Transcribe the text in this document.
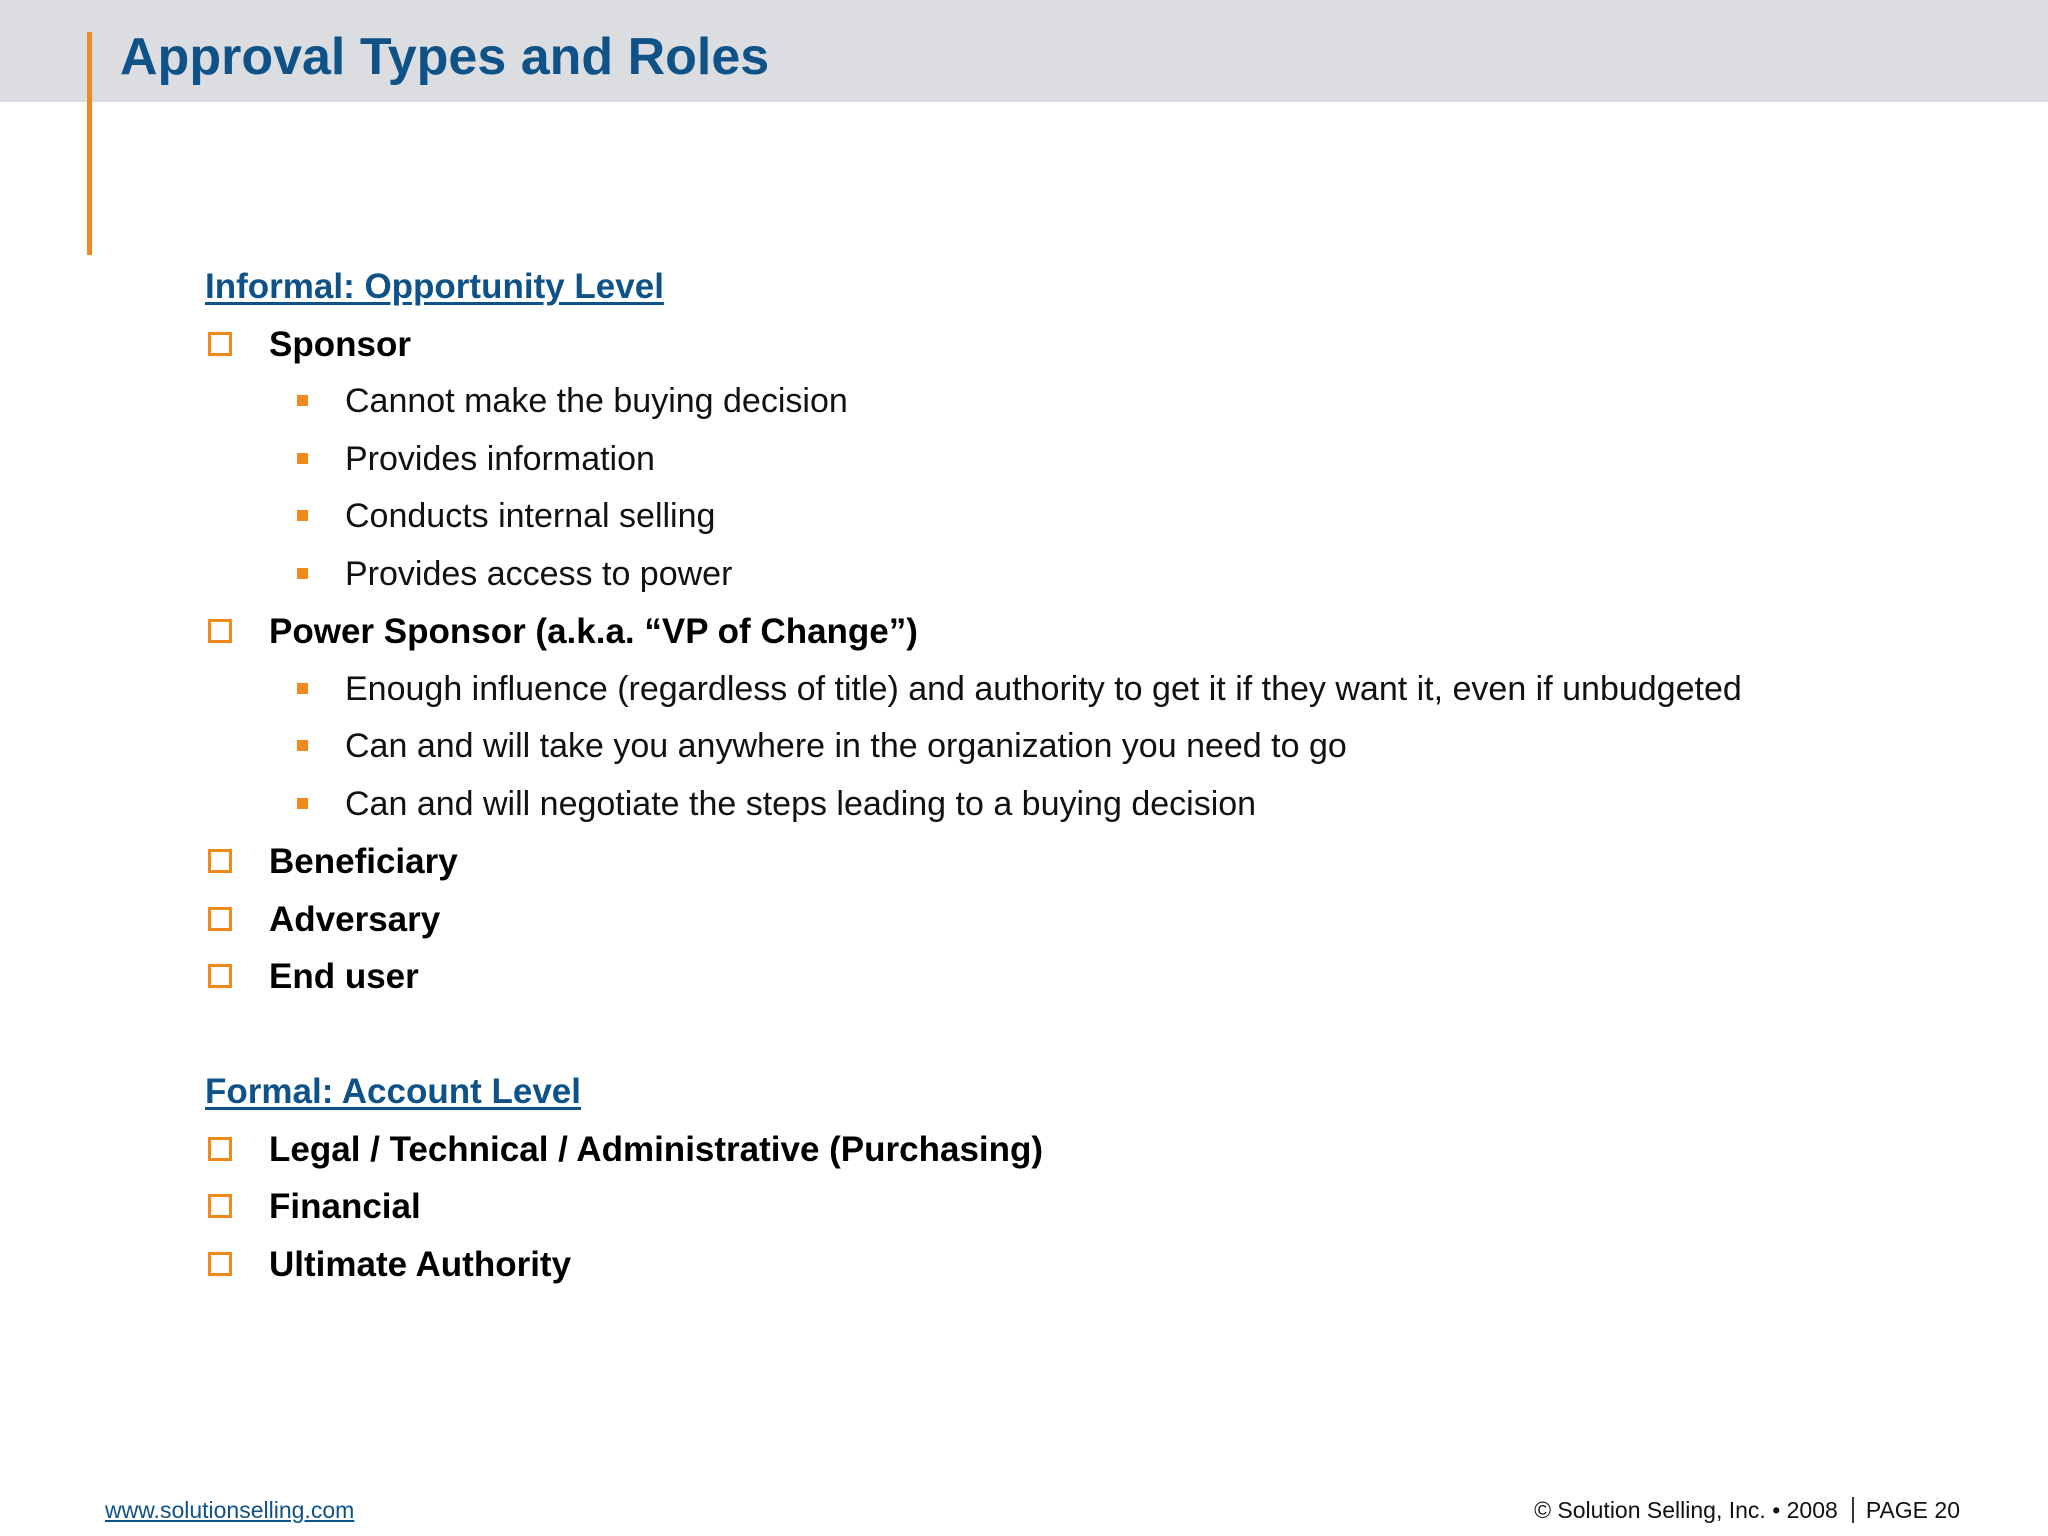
Approval Types and Roles
Informal: Opportunity Level
Sponsor
Cannot make the buying decision
Provides information
Conducts internal selling
Provides access to power
Power Sponsor (a.k.a. “VP of Change”)
Enough influence (regardless of title) and authority to get it if they want it, even if unbudgeted
Can and will take you anywhere in the organization you need to go
Can and will negotiate the steps leading to a buying decision
Beneficiary
Adversary
End user
Formal: Account Level
Legal / Technical / Administrative (Purchasing)
Financial
Ultimate Authority
www.solutionselling.com	© Solution Selling, Inc. • 2008 PAGE 20
